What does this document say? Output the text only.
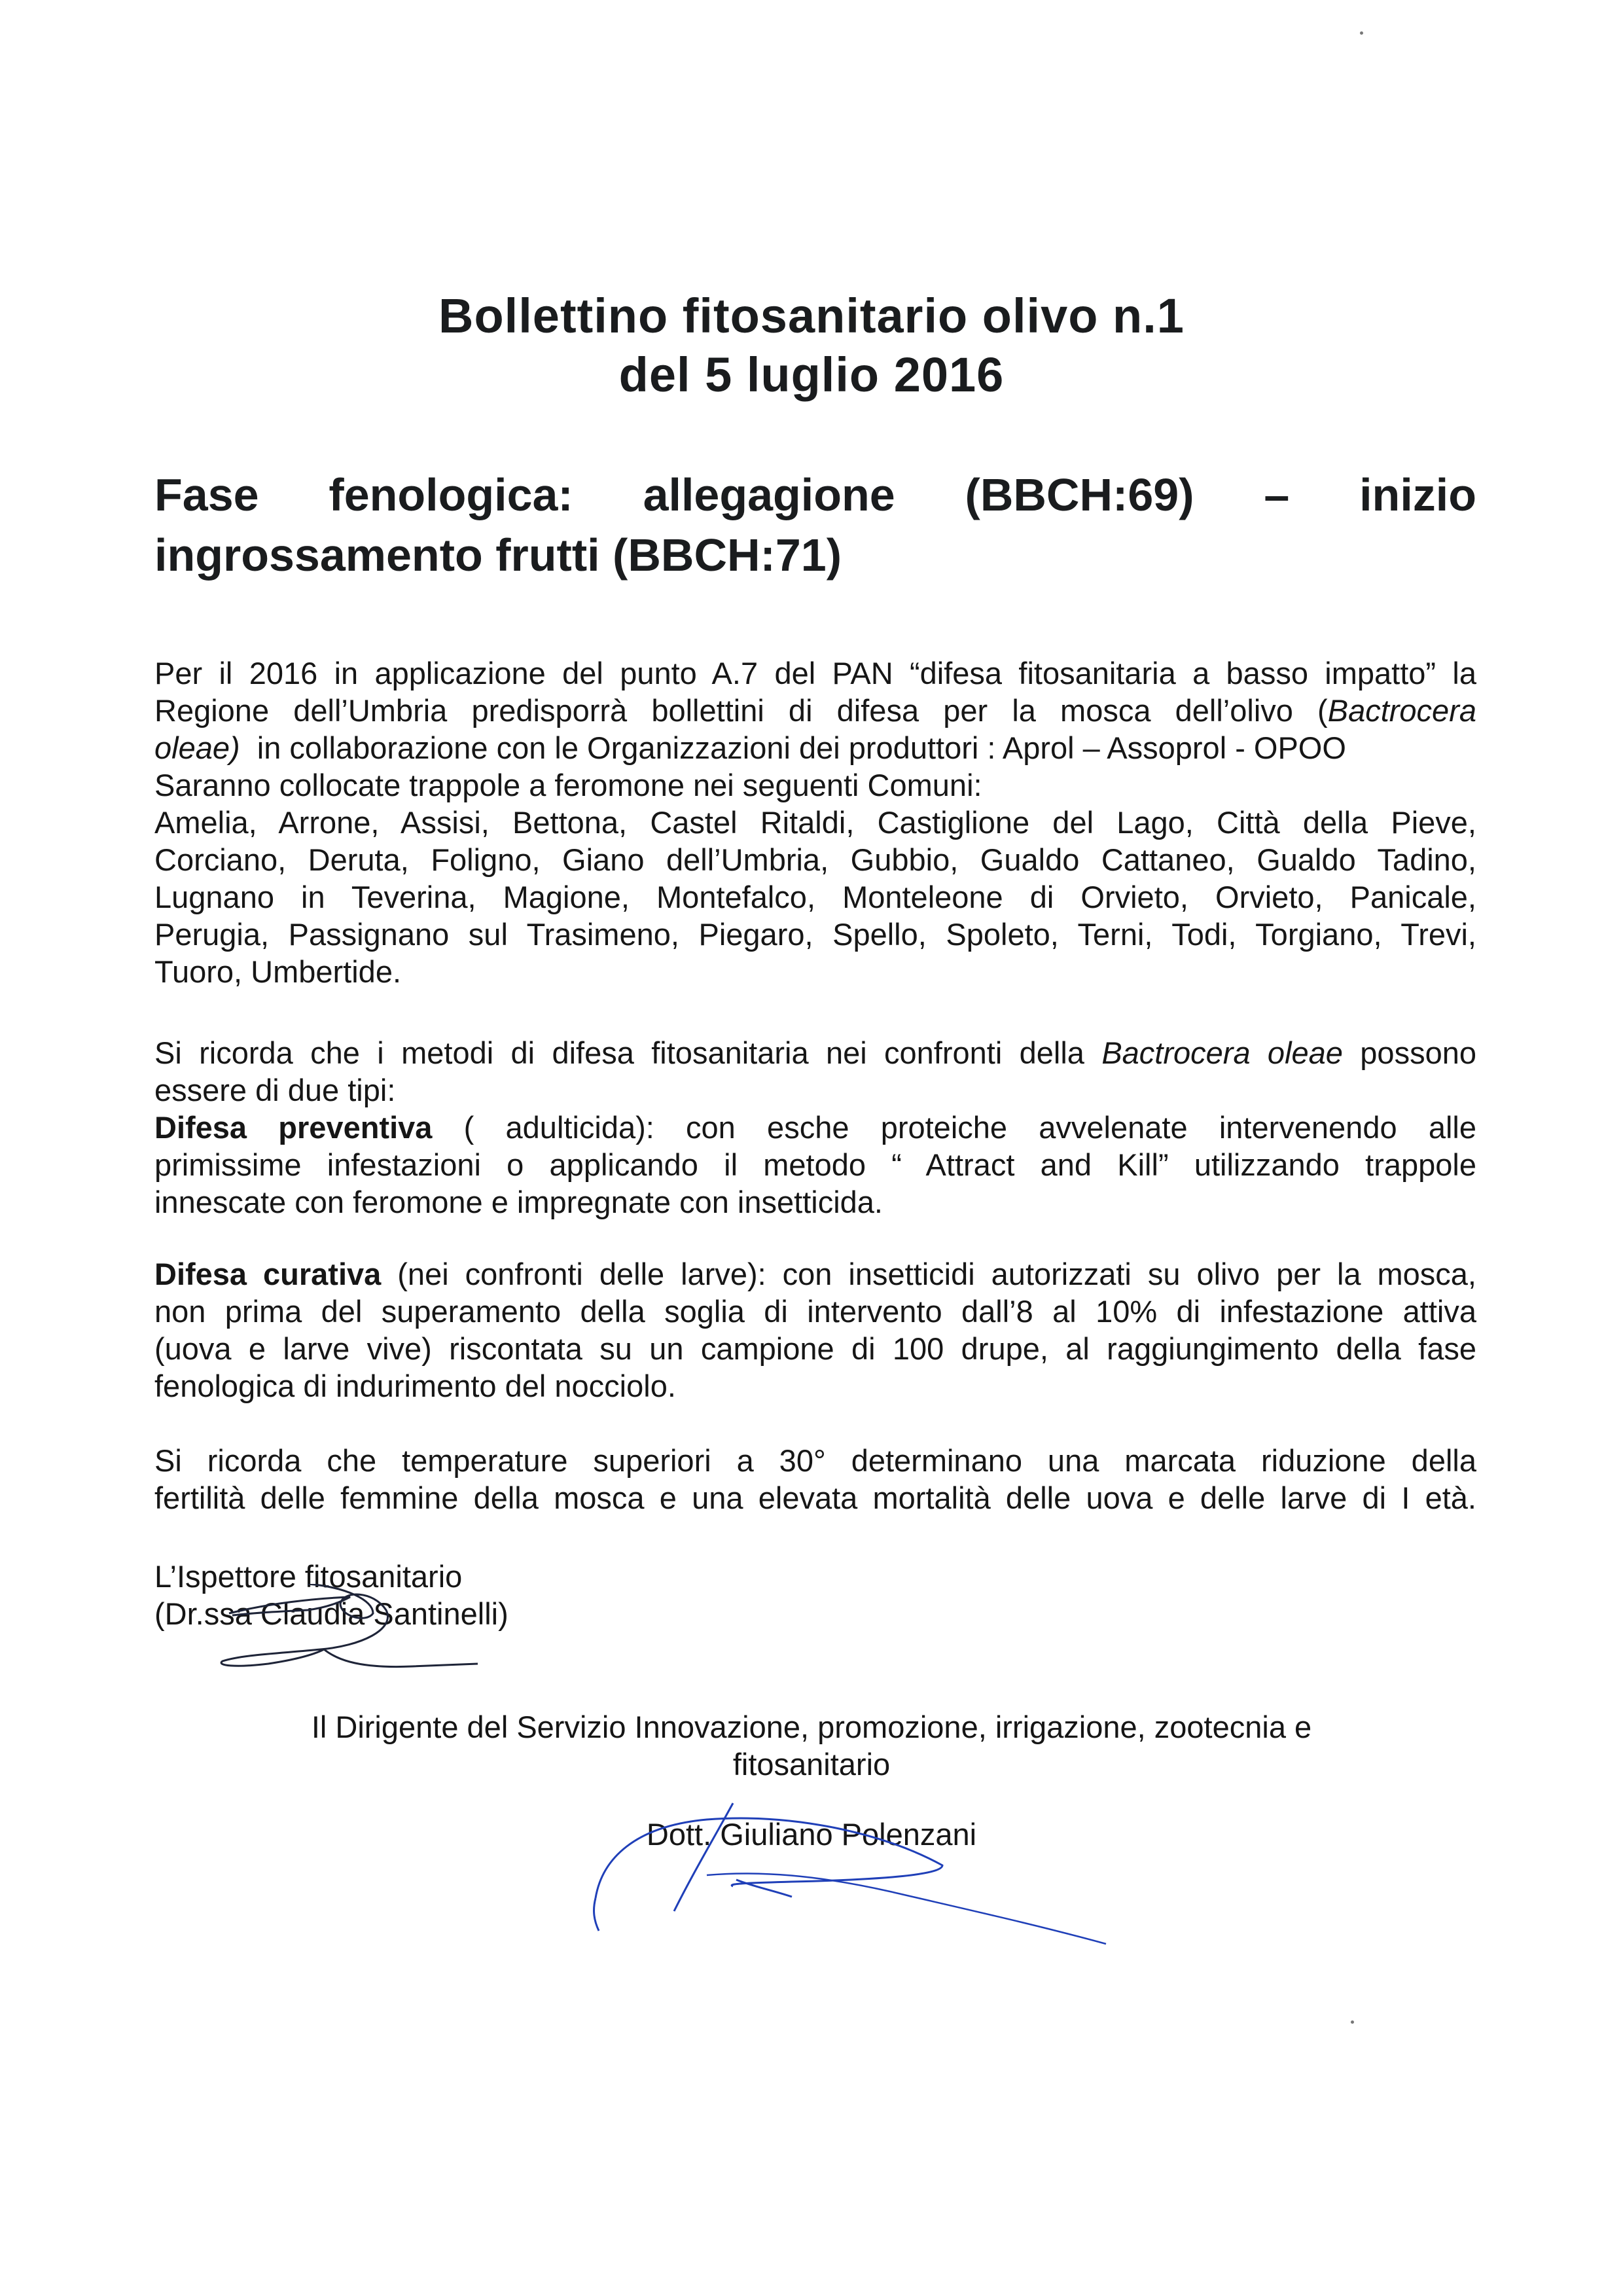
Bollettino fitosanitario olivo n.1
del 5 luglio 2016
Fase fenologica: allegagione (BBCH:69) – inizio
ingrossamento frutti (BBCH:71)

Per il 2016 in applicazione del punto A.7 del PAN “difesa fitosanitaria a basso impatto” la
Regione dell’Umbria predisporrà bollettini di difesa per la mosca dell’olivo (Bactrocera
oleae) in collaborazione con le Organizzazioni dei produttori : Aprol – Assoprol - OPOO
Saranno collocate trappole a feromone nei seguenti Comuni:
Amelia, Arrone, Assisi, Bettona, Castel Ritaldi, Castiglione del Lago, Città della Pieve,
Corciano, Deruta, Foligno, Giano dell’Umbria, Gubbio, Gualdo Cattaneo, Gualdo Tadino,
Lugnano in Teverina, Magione, Montefalco, Monteleone di Orvieto, Orvieto, Panicale,
Perugia, Passignano sul Trasimeno, Piegaro, Spello, Spoleto, Terni, Todi, Torgiano, Trevi,
Tuoro, Umbertide.

Si ricorda che i metodi di difesa fitosanitaria nei confronti della Bactrocera oleae possono
essere di due tipi:
Difesa preventiva ( adulticida): con esche proteiche avvelenate intervenendo alle
primissime infestazioni o applicando il metodo “ Attract and Kill” utilizzando trappole
innescate con feromone e impregnate con insetticida.

Difesa curativa (nei confronti delle larve): con insetticidi autorizzati su olivo per la mosca,
non prima del superamento della soglia di intervento dall’8 al 10% di infestazione attiva
(uova e larve vive) riscontata su un campione di 100 drupe, al raggiungimento della fase
fenologica di indurimento del nocciolo.

Si ricorda che temperature superiori a 30° determinano una marcata riduzione della
fertilità delle femmine della mosca e una elevata mortalità delle uova e delle larve di I età.

L’Ispettore fitosanitario
(Dr.ssa Claudia Santinelli)
Il Dirigente del Servizio Innovazione, promozione, irrigazione, zootecnia e
fitosanitario
Dott. Giuliano Polenzani
